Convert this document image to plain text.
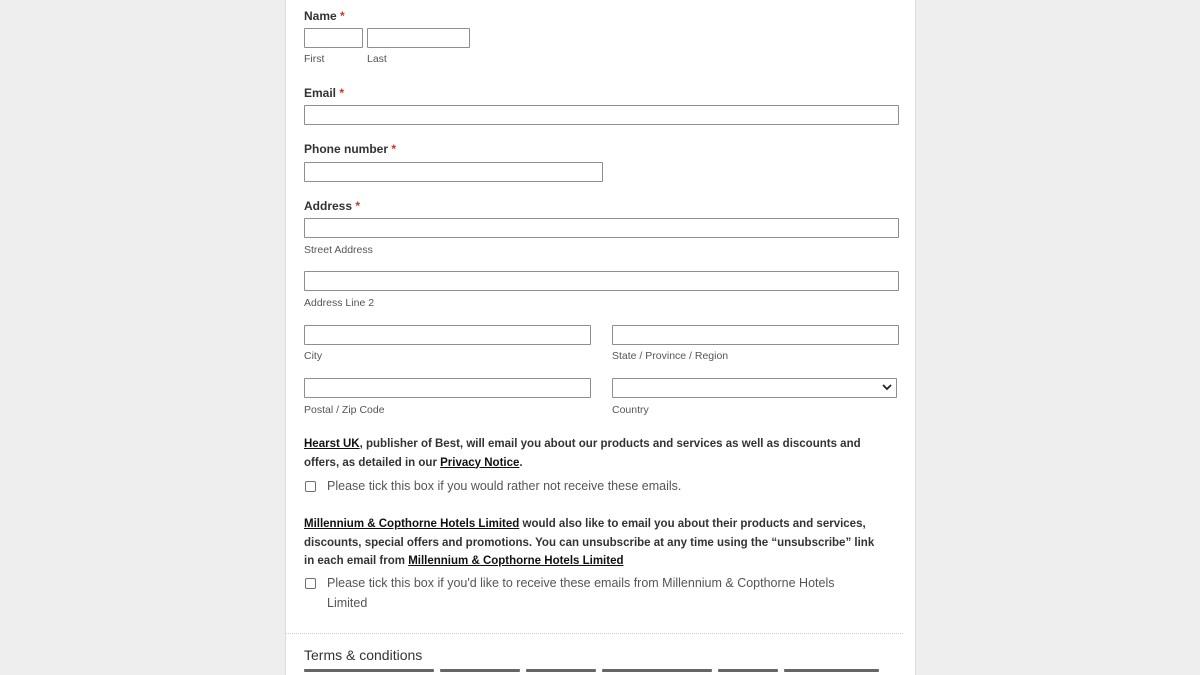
Name *
First	Last
Email *
Phone number *
Address *
Street Address
Address Line 2
City	State / Province / Region
Postal / Zip Code	Country
Hearst UK, publisher of Best, will email you about our products and services as well as discounts and offers, as detailed in our Privacy Notice.
Please tick this box if you would rather not receive these emails.
Millennium & Copthorne Hotels Limited would also like to email you about their products and services, discounts, special offers and promotions. You can unsubscribe at any time using the “unsubscribe” link in each email from Millennium & Copthorne Hotels Limited
Please tick this box if you'd like to receive these emails from Millennium & Copthorne Hotels Limited
Terms & conditions
